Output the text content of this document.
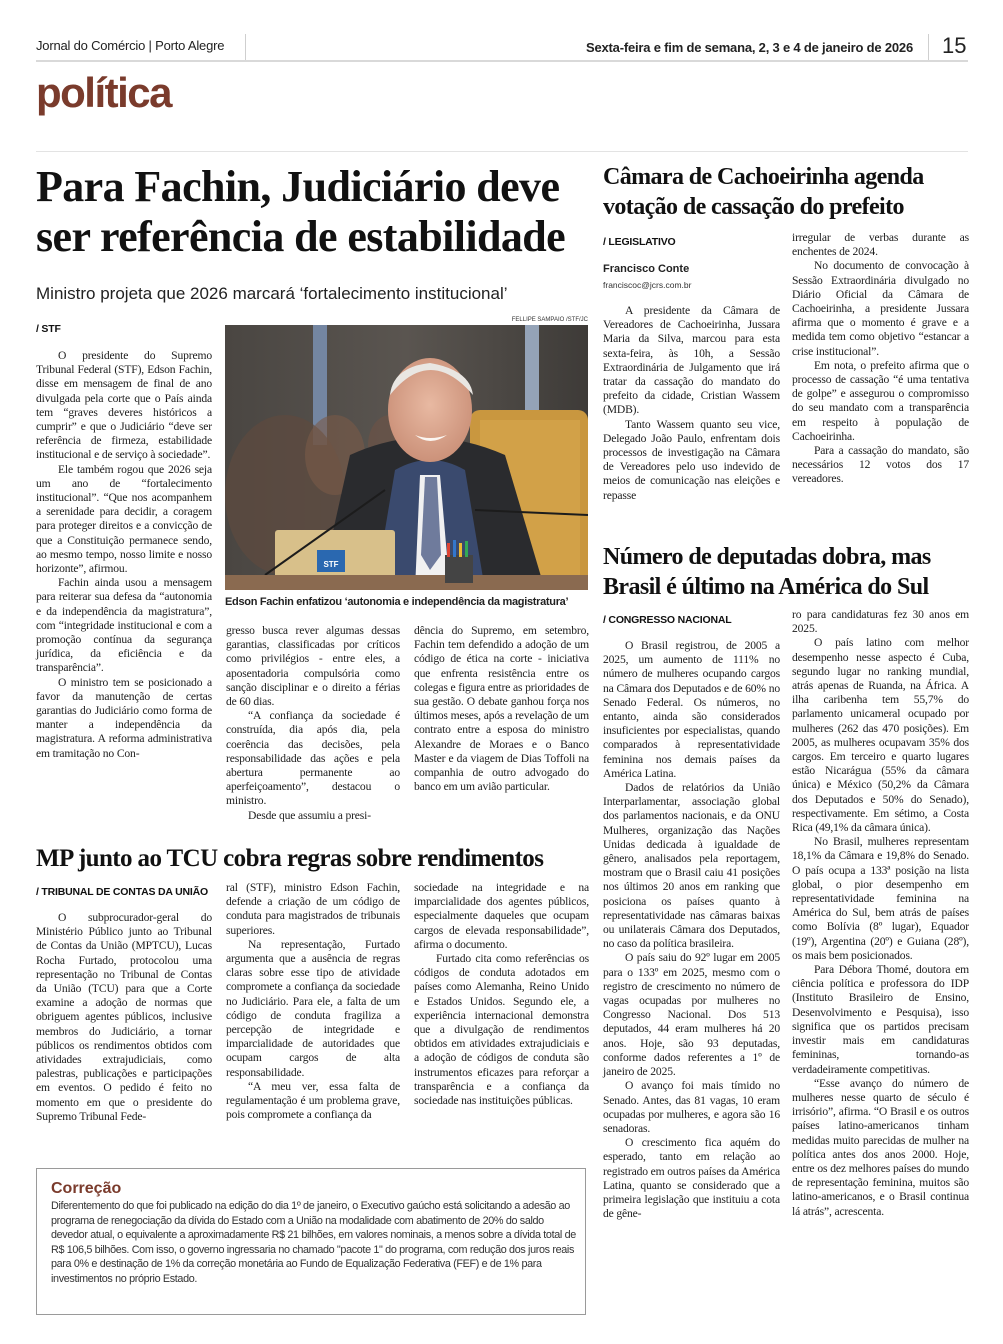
Jornal do Comércio | Porto Alegre	Sexta-feira e fim de semana, 2, 3 e 4 de janeiro de 2026 15
política
Para Fachin, Judiciário deve ser referência de estabilidade
Ministro projeta que 2026 marcará ‘fortalecimento institucional’
/ STF

O presidente do Supremo Tribunal Federal (STF), Edson Fachin, disse em mensagem de final de ano divulgada pela corte que o País ainda tem “graves deveres históricos a cumprir” e que o Judiciário “deve ser referência de firmeza, estabilidade institucional e de serviço à sociedade”.

Ele também rogou que 2026 seja um ano de “fortalecimento institucional”. “Que nos acompanhem a serenidade para decidir, a coragem para proteger direitos e a convicção de que a Constituição permanece sendo, ao mesmo tempo, nosso limite e nosso horizonte”, afirmou.

Fachin ainda usou a mensagem para reiterar sua defesa da “autonomia e da independência da magistratura”, com “integridade institucional e com a promoção contínua da segurança jurídica, da eficiência e da transparência”.

O ministro tem se posicionado a favor da manutenção de certas garantias do Judiciário como forma de manter a independência da magistratura. A reforma administrativa em tramitação no Con-

FELLIPE SAMPAIO /STF/JC
STF
Edson Fachin enfatizou ‘autonomia e independência da magistratura’

gresso busca rever algumas dessas garantias, classificadas por críticos como privilégios - entre eles, a aposentadoria compulsória como sanção disciplinar e o direito a férias de 60 dias.

“A confiança da sociedade é construída, dia após dia, pela coerência das decisões, pela responsabilidade das ações e pela abertura permanente ao aperfeiçoamento”, destacou o ministro.

Desde que assumiu a presi-

dência do Supremo, em setembro, Fachin tem defendido a adoção de um código de ética na corte - iniciativa que enfrenta resistência entre os colegas e figura entre as prioridades de sua gestão. O debate ganhou força nos últimos meses, após a revelação de um contrato entre a esposa do ministro Alexandre de Moraes e o Banco Master e da viagem de Dias Toffoli na companhia de outro advogado do banco em um avião particular.

Câmara de Cachoeirinha agenda votação de cassação do prefeito
/ LEGISLATIVO
Francisco Conte
franciscoc@jcrs.com.br

A presidente da Câmara de Vereadores de Cachoeirinha, Jussara Maria da Silva, marcou para esta sexta-feira, às 10h, a Sessão Extraordinária de Julgamento que irá tratar da cassação do mandato do prefeito da cidade, Cristian Wassem (MDB).

Tanto Wassem quanto seu vice, Delegado João Paulo, enfrentam dois processos de investigação na Câmara de Vereadores pelo uso indevido de meios de comunicação nas eleições e repasse

irregular de verbas durante as enchentes de 2024.

No documento de convocação à Sessão Extraordinária divulgado no Diário Oficial da Câmara de Cachoeirinha, a presidente Jussara afirma que o momento é grave e a medida tem como objetivo “estancar a crise institucional”.

Em nota, o prefeito afirma que o processo de cassação “é uma tentativa de golpe” e assegurou o compromisso do seu mandato com a transparência em respeito à população de Cachoeirinha.

Para a cassação do mandato, são necessários 12 votos dos 17 vereadores.

Número de deputadas dobra, mas Brasil é último na América do Sul
/ CONGRESSO NACIONAL

O Brasil registrou, de 2005 a 2025, um aumento de 111% no número de mulheres ocupando cargos na Câmara dos Deputados e de 60% no Senado Federal. Os números, no entanto, ainda são considerados insuficientes por especialistas, quando comparados à representatividade feminina nos demais países da América Latina.

Dados de relatórios da União Interparlamentar, associação global dos parlamentos nacionais, e da ONU Mulheres, organização das Nações Unidas dedicada à igualdade de gênero, analisados pela reportagem, mostram que o Brasil caiu 41 posições nos últimos 20 anos em ranking que posiciona os países quanto à representatividade nas câmaras baixas ou unilaterais Câmara dos Deputados, no caso da política brasileira.

O país saiu do 92º lugar em 2005 para o 133º em 2025, mesmo com o registro de crescimento no número de vagas ocupadas por mulheres no Congresso Nacional. Dos 513 deputados, 44 eram mulheres há 20 anos. Hoje, são 93 deputadas, conforme dados referentes a 1º de janeiro de 2025.

O avanço foi mais tímido no Senado. Antes, das 81 vagas, 10 eram ocupadas por mulheres, e agora são 16 senadoras.

O crescimento fica aquém do esperado, tanto em relação ao registrado em outros países da América Latina, quanto se considerado que a primeira legislação que instituiu a cota de gêne-

ro para candidaturas fez 30 anos em 2025.

O país latino com melhor desempenho nesse aspecto é Cuba, segundo lugar no ranking mundial, atrás apenas de Ruanda, na África. A ilha caribenha tem 55,7% do parlamento unicameral ocupado por mulheres (262 das 470 posições). Em 2005, as mulheres ocupavam 35% dos cargos. Em terceiro e quarto lugares estão Nicarágua (55% da câmara única) e México (50,2% da Câmara dos Deputados e 50% do Senado), respectivamente. Em sétimo, a Costa Rica (49,1% da câmara única).

No Brasil, mulheres representam 18,1% da Câmara e 19,8% do Senado. O país ocupa a 133ª posição na lista global, o pior desempenho em representatividade feminina na América do Sul, bem atrás de países como Bolívia (8º lugar), Equador (19º), Argentina (20º) e Guiana (28º), os mais bem posicionados.

Para Débora Thomé, doutora em ciência política e professora do IDP (Instituto Brasileiro de Ensino, Desenvolvimento e Pesquisa), isso significa que os partidos precisam investir mais em candidaturas femininas, tornando-as verdadeiramente competitivas.

“Esse avanço do número de mulheres nesse quarto de século é irrisório”, afirma. “O Brasil e os outros países latino-americanos tinham medidas muito parecidas de mulher na política antes dos anos 2000. Hoje, entre os dez melhores países do mundo de representação feminina, muitos são latino-americanos, e o Brasil continua lá atrás”, acrescenta.

MP junto ao TCU cobra regras sobre rendimentos
/ TRIBUNAL DE CONTAS DA UNIÃO

O subprocurador-geral do Ministério Público junto ao Tribunal de Contas da União (MPTCU), Lucas Rocha Furtado, protocolou uma representação no Tribunal de Contas da União (TCU) para que a Corte examine a adoção de normas que obriguem agentes públicos, inclusive membros do Judiciário, a tornar públicos os rendimentos obtidos com atividades extrajudiciais, como palestras, publicações e participações em eventos. O pedido é feito no momento em que o presidente do Supremo Tribunal Fede-

ral (STF), ministro Edson Fachin, defende a criação de um código de conduta para magistrados de tribunais superiores.

Na representação, Furtado argumenta que a ausência de regras claras sobre esse tipo de atividade compromete a confiança da sociedade no Judiciário. Para ele, a falta de um código de conduta fragiliza a percepção de integridade e imparcialidade de autoridades que ocupam cargos de alta responsabilidade.

“A meu ver, essa falta de regulamentação é um problema grave, pois compromete a confiança da

sociedade na integridade e na imparcialidade dos agentes públicos, especialmente daqueles que ocupam cargos de elevada responsabilidade”, afirma o documento.

Furtado cita como referências os códigos de conduta adotados em países como Alemanha, Reino Unido e Estados Unidos. Segundo ele, a experiência internacional demonstra que a divulgação de rendimentos obtidos em atividades extrajudiciais e a adoção de códigos de conduta são instrumentos eficazes para reforçar a transparência e a confiança da sociedade nas instituições públicas.

Correção
Diferentemento do que foi publicado na edição do dia 1º de janeiro, o Executivo gaúcho está solicitando a adesão ao programa de renegociação da dívida do Estado com a União na modalidade com abatimento de 20% do saldo devedor atual, o equivalente a aproximadamente R$ 21 bilhões, em valores nominais, a menos sobre a dívida total de R$ 106,5 bilhões. Com isso, o governo ingressaria no chamado "pacote 1" do programa, com redução dos juros reais para 0% e destinação de 1% da correção monetária ao Fundo de Equalização Federativa (FEF) e de 1% para investimentos no próprio Estado.
